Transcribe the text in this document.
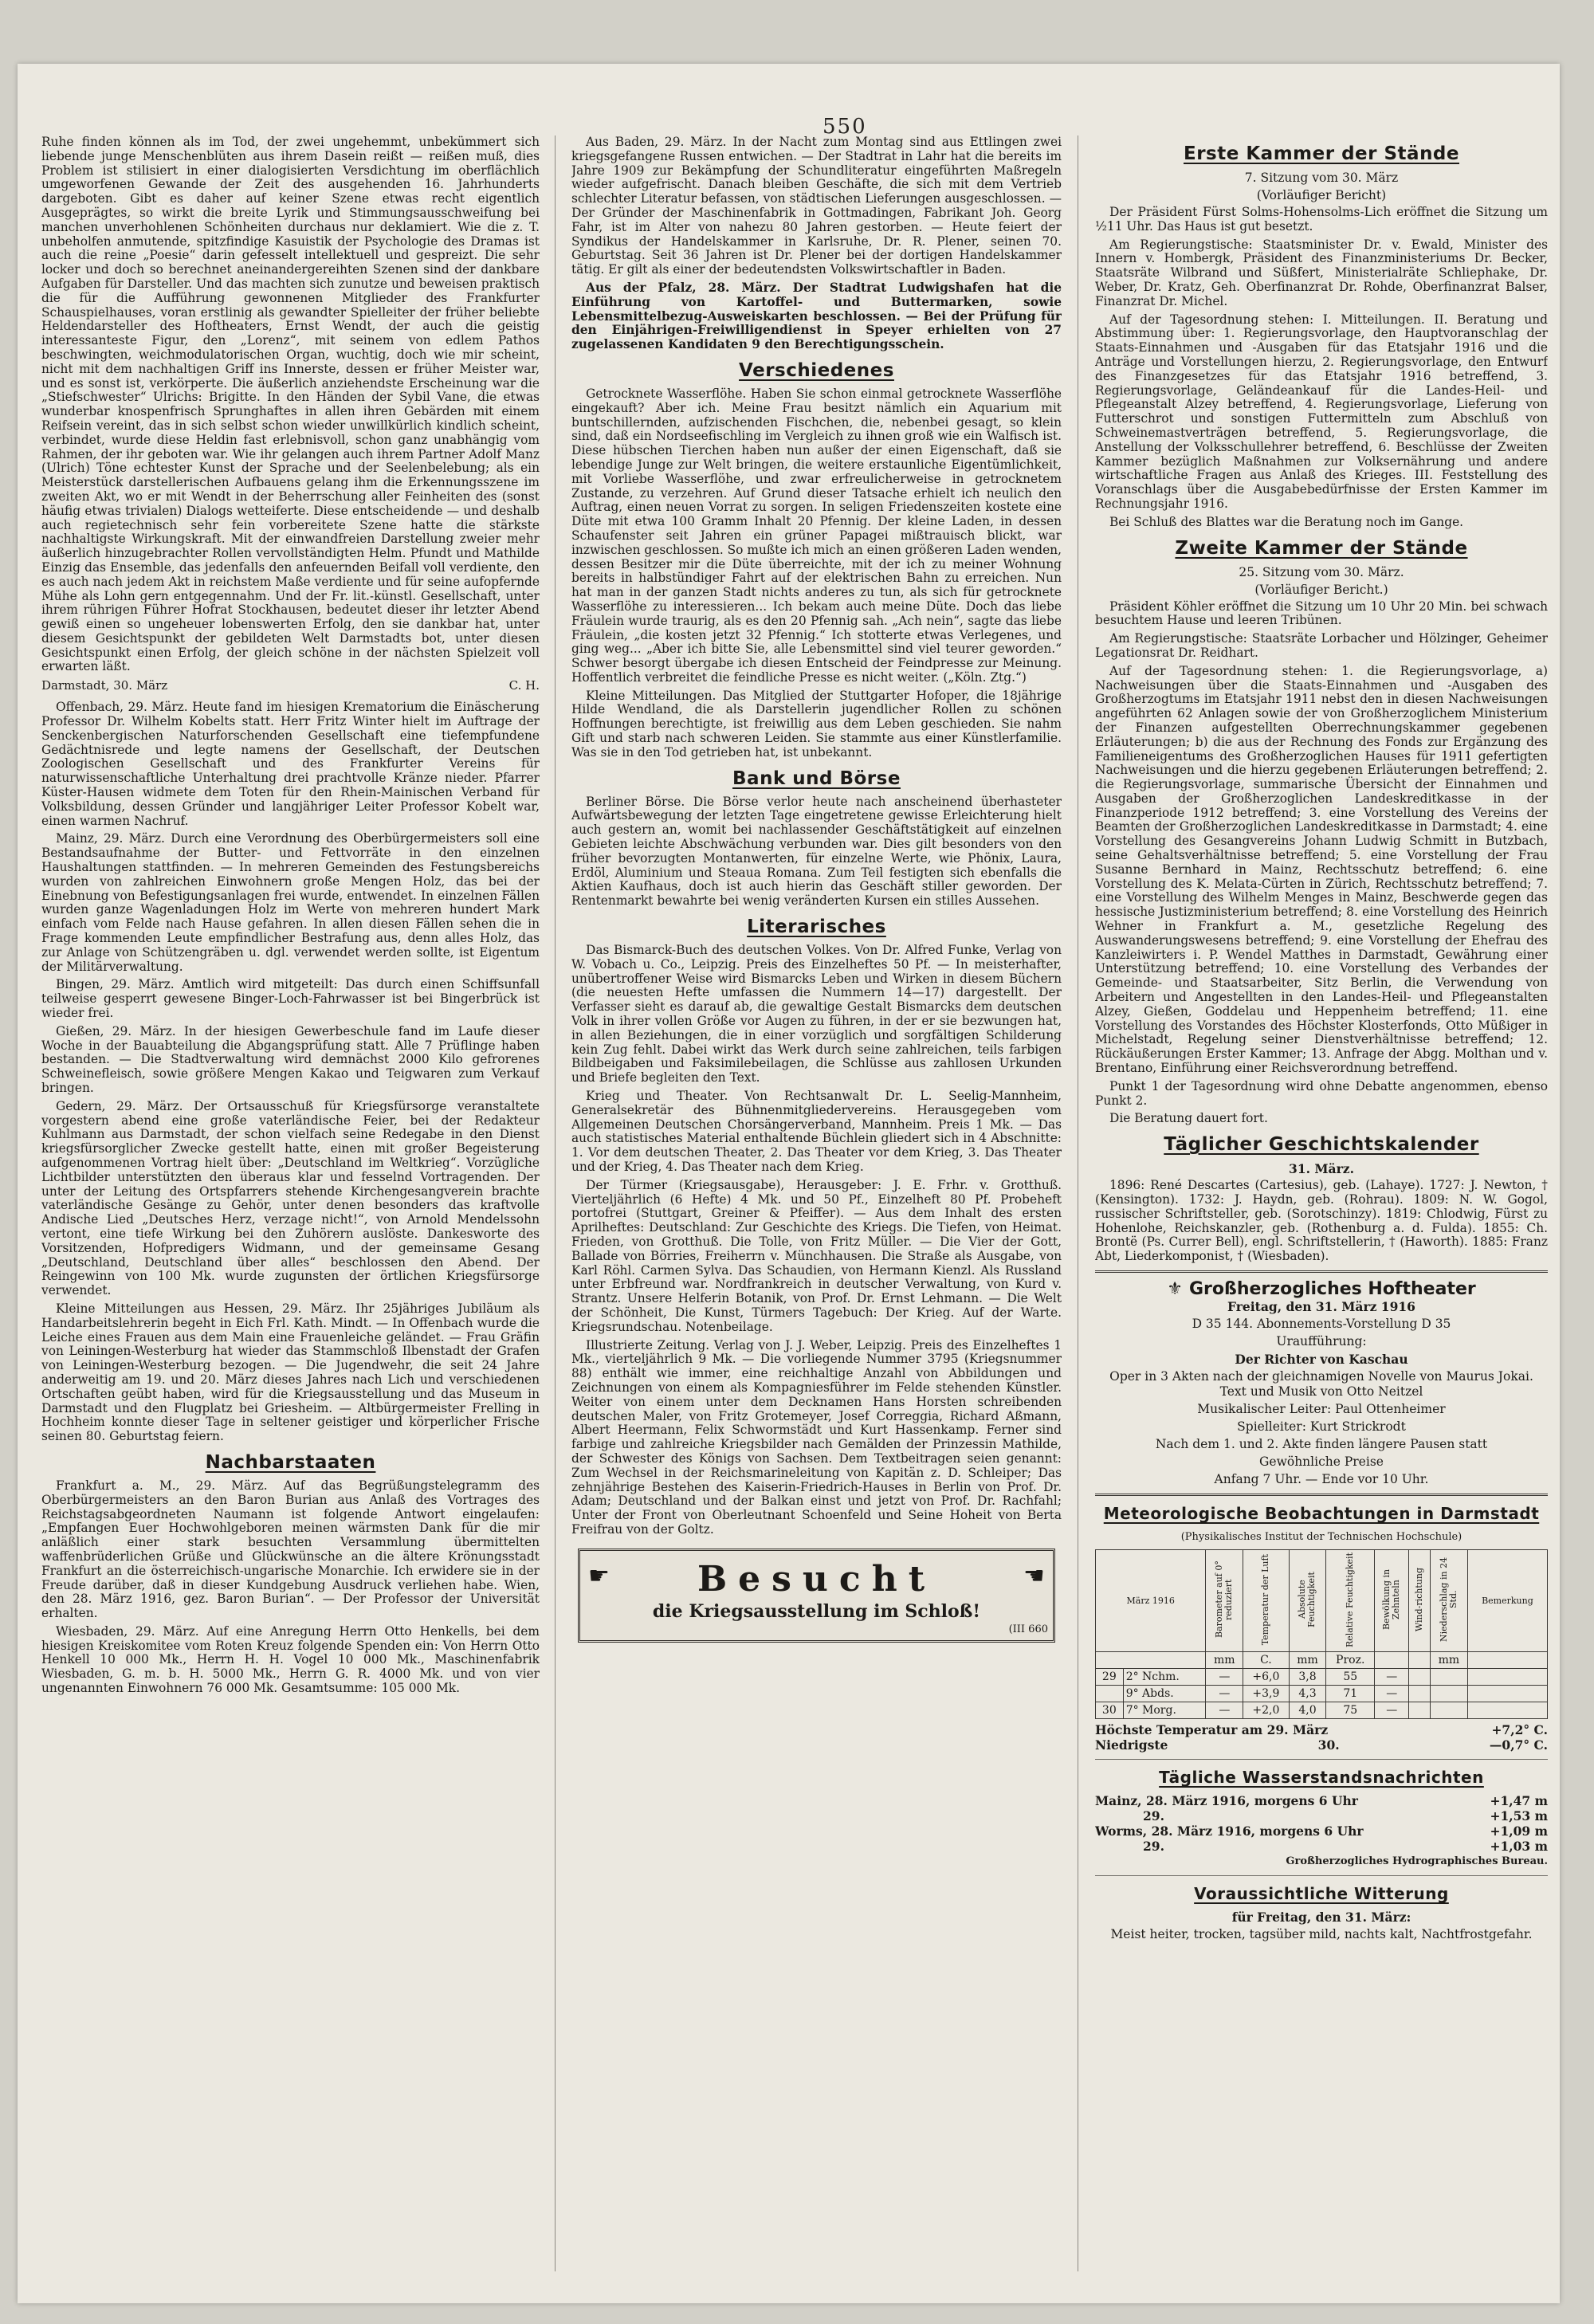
550

Ruhe finden können als im Tod, der zwei ungehemmt, unbekümmert sich liebende junge Menschenblüten aus ihrem Dasein reißt — reißen muß, dies Problem ist stilisiert in einer dialogisierten Versdichtung im oberflächlich umgeworfenen Gewande der Zeit des ausgehenden 16. Jahrhunderts dargeboten. Gibt es daher auf keiner Szene etwas recht eigentlich Ausgeprägtes, so wirkt die breite Lyrik und Stimmungsausschweifung bei manchen unverhohlenen Schönheiten durchaus nur deklamiert. Wie die z. T. unbeholfen anmutende, spitzfindige Kasuistik der Psychologie des Dramas ist auch die reine „Poesie“ darin gefesselt intellektuell und gespreizt. Die sehr locker und doch so berechnet aneinandergereihten Szenen sind der dankbare Aufgaben für Darsteller. Und das machten sich zunutze und beweisen praktisch die für die Aufführung gewonnenen Mitglieder des Frankfurter Schauspielhauses, voran erstlinig als gewandter Spielleiter der früher beliebte Heldendarsteller des Hoftheaters, Ernst Wendt, der auch die geistig interessanteste Figur, den „Lorenz“, mit seinem von edlem Pathos beschwingten, weichmodulatorischen Organ, wuchtig, doch wie mir scheint, nicht mit dem nachhaltigen Griff ins Innerste, dessen er früher Meister war, und es sonst ist, verkörperte. Die äußerlich anziehendste Erscheinung war die „Stiefschwester“ Ulrichs: Brigitte. In den Händen der Sybil Vane, die etwas wunderbar knospenfrisch Sprunghaftes in allen ihren Gebärden mit einem Reifsein vereint, das in sich selbst schon wieder unwillkürlich kindlich scheint, verbindet, wurde diese Heldin fast erlebnisvoll, schon ganz unabhängig vom Rahmen, der ihr geboten war. Wie ihr gelangen auch ihrem Partner Adolf Manz (Ulrich) Töne echtester Kunst der Sprache und der Seelenbelebung; als ein Meisterstück darstellerischen Aufbauens gelang ihm die Erkennungsszene im zweiten Akt, wo er mit Wendt in der Beherrschung aller Feinheiten des (sonst häufig etwas trivialen) Dialogs wetteiferte. Diese entscheidende — und deshalb auch regietechnisch sehr fein vorbereitete Szene hatte die stärkste nachhaltigste Wirkungskraft. Mit der einwandfreien Darstellung zweier mehr äußerlich hinzugebrachter Rollen vervollständigten Helm. Pfundt und Mathilde Einzig das Ensemble, das jedenfalls den anfeuernden Beifall voll verdiente, den es auch nach jedem Akt in reichstem Maße verdiente und für seine aufopfernde Mühe als Lohn gern entgegennahm. Und der Fr. lit.-künstl. Gesellschaft, unter ihrem rührigen Führer Hofrat Stockhausen, bedeutet dieser ihr letzter Abend gewiß einen so ungeheuer lobenswerten Erfolg, den sie dankbar hat, unter diesem Gesichtspunkt der gebildeten Welt Darmstadts bot, unter diesen Gesichtspunkt einen Erfolg, der gleich schöne in der nächsten Spielzeit voll erwarten läßt.

Darmstadt, 30. März	C. H.

Offenbach, 29. März. Heute fand im hiesigen Krematorium die Einäscherung Professor Dr. Wilhelm Kobelts statt. Herr Fritz Winter hielt im Auftrage der Senckenbergischen Naturforschenden Gesellschaft eine tiefempfundene Gedächtnisrede und legte namens der Gesellschaft, der Deutschen Zoologischen Gesellschaft und des Frankfurter Vereins für naturwissenschaftliche Unterhaltung drei prachtvolle Kränze nieder. Pfarrer Küster-Hausen widmete dem Toten für den Rhein-Mainischen Verband für Volksbildung, dessen Gründer und langjähriger Leiter Professor Kobelt war, einen warmen Nachruf.

Mainz, 29. März. Durch eine Verordnung des Oberbürgermeisters soll eine Bestandsaufnahme der Butter- und Fettvorräte in den einzelnen Haushaltungen stattfinden. — In mehreren Gemeinden des Festungsbereichs wurden von zahlreichen Einwohnern große Mengen Holz, das bei der Einebnung von Befestigungsanlagen frei wurde, entwendet. In einzelnen Fällen wurden ganze Wagenladungen Holz im Werte von mehreren hundert Mark einfach vom Felde nach Hause gefahren. In allen diesen Fällen sehen die in Frage kommenden Leute empfindlicher Bestrafung aus, denn alles Holz, das zur Anlage von Schützengräben u. dgl. verwendet werden sollte, ist Eigentum der Militärverwaltung.

Bingen, 29. März. Amtlich wird mitgeteilt: Das durch einen Schiffsunfall teilweise gesperrt gewesene Binger-Loch-Fahrwasser ist bei Bingerbrück ist wieder frei.

Gießen, 29. März. In der hiesigen Gewerbeschule fand im Laufe dieser Woche in der Bauabteilung die Abgangsprüfung statt. Alle 7 Prüflinge haben bestanden. — Die Stadtverwaltung wird demnächst 2000 Kilo gefrorenes Schweinefleisch, sowie größere Mengen Kakao und Teigwaren zum Verkauf bringen.

Gedern, 29. März. Der Ortsausschuß für Kriegsfürsorge veranstaltete vorgestern abend eine große vaterländische Feier, bei der Redakteur Kuhlmann aus Darmstadt, der schon vielfach seine Redegabe in den Dienst kriegsfürsorglicher Zwecke gestellt hatte, einen mit großer Begeisterung aufgenommenen Vortrag hielt über: „Deutschland im Weltkrieg“. Vorzügliche Lichtbilder unterstützten den überaus klar und fesselnd Vortragenden. Der unter der Leitung des Ortspfarrers stehende Kirchengesangverein brachte vaterländische Gesänge zu Gehör, unter denen besonders das kraftvolle Andische Lied „Deutsches Herz, verzage nicht!“, von Arnold Mendelssohn vertont, eine tiefe Wirkung bei den Zuhörern auslöste. Dankesworte des Vorsitzenden, Hofpredigers Widmann, und der gemeinsame Gesang „Deutschland, Deutschland über alles“ beschlossen den Abend. Der Reingewinn von 100 Mk. wurde zugunsten der örtlichen Kriegsfürsorge verwendet.

Kleine Mitteilungen aus Hessen, 29. März. Ihr 25jähriges Jubiläum als Handarbeitslehrerin begeht in Eich Frl. Kath. Mindt. — In Offenbach wurde die Leiche eines Frauen aus dem Main eine Frauenleiche geländet. — Frau Gräfin von Leiningen-Westerburg hat wieder das Stammschloß Ilbenstadt der Grafen von Leiningen-Westerburg bezogen. — Die Jugendwehr, die seit 24 Jahre anderweitig am 19. und 20. März dieses Jahres nach Lich und verschiedenen Ortschaften geübt haben, wird für die Kriegsausstellung und das Museum in Darmstadt und den Flugplatz bei Griesheim. — Altbürgermeister Frelling in Hochheim konnte dieser Tage in seltener geistiger und körperlicher Frische seinen 80. Geburtstag feiern.

Nachbarstaaten

Frankfurt a. M., 29. März. Auf das Begrüßungstelegramm des Oberbürgermeisters an den Baron Burian aus Anlaß des Vortrages des Reichstagsabgeordneten Naumann ist folgende Antwort eingelaufen: „Empfangen Euer Hochwohlgeboren meinen wärmsten Dank für die mir anläßlich einer stark besuchten Versammlung übermittelten waffenbrüderlichen Grüße und Glückwünsche an die ältere Krönungsstadt Frankfurt an die österreichisch-ungarische Monarchie. Ich erwidere sie in der Freude darüber, daß in dieser Kundgebung Ausdruck verliehen habe. Wien, den 28. März 1916, gez. Baron Burian“. — Der Professor der Universität erhalten.

Wiesbaden, 29. März. Auf eine Anregung Herrn Otto Henkells, bei dem hiesigen Kreiskomitee vom Roten Kreuz folgende Spenden ein: Von Herrn Otto Henkell 10 000 Mk., Herrn H. H. Vogel 10 000 Mk., Maschinenfabrik Wiesbaden, G. m. b. H. 5000 Mk., Herrn G. R. 4000 Mk. und von vier ungenannten Einwohnern 76 000 Mk. Gesamtsumme: 105 000 Mk.

Aus Baden, 29. März. In der Nacht zum Montag sind aus Ettlingen zwei kriegsgefangene Russen entwichen. — Der Stadtrat in Lahr hat die bereits im Jahre 1909 zur Bekämpfung der Schundliteratur eingeführten Maßregeln wieder aufgefrischt. Danach bleiben Geschäfte, die sich mit dem Vertrieb schlechter Literatur befassen, von städtischen Lieferungen ausgeschlossen. — Der Gründer der Maschinenfabrik in Gottmadingen, Fabrikant Joh. Georg Fahr, ist im Alter von nahezu 80 Jahren gestorben. — Heute feiert der Syndikus der Handelskammer in Karlsruhe, Dr. R. Plener, seinen 70. Geburtstag. Seit 36 Jahren ist Dr. Plener bei der dortigen Handelskammer tätig. Er gilt als einer der bedeutendsten Volkswirtschaftler in Baden.

Aus der Pfalz, 28. März. Der Stadtrat Ludwigshafen hat die Einführung von Kartoffel- und Buttermarken, sowie Lebensmittelbezug-Ausweiskarten beschlossen. — Bei der Prüfung für den Einjährigen-Freiwilligendienst in Speyer erhielten von 27 zugelassenen Kandidaten 9 den Berechtigungsschein.

Verschiedenes

Getrocknete Wasserflöhe. Haben Sie schon einmal getrocknete Wasserflöhe eingekauft? Aber ich. Meine Frau besitzt nämlich ein Aquarium mit buntschillernden, aufzischenden Fischchen, die, nebenbei gesagt, so klein sind, daß ein Nordseefischling im Vergleich zu ihnen groß wie ein Walfisch ist. Diese hübschen Tierchen haben nun außer der einen Eigenschaft, daß sie lebendige Junge zur Welt bringen, die weitere erstaunliche Eigentümlichkeit, mit Vorliebe Wasserflöhe, und zwar erfreulicherweise in getrocknetem Zustande, zu verzehren. Auf Grund dieser Tatsache erhielt ich neulich den Auftrag, einen neuen Vorrat zu sorgen. In seligen Friedenszeiten kostete eine Düte mit etwa 100 Gramm Inhalt 20 Pfennig. Der kleine Laden, in dessen Schaufenster seit Jahren ein grüner Papagei mißtrauisch blickt, war inzwischen geschlossen. So mußte ich mich an einen größeren Laden wenden, dessen Besitzer mir die Düte überreichte, mit der ich zu meiner Wohnung bereits in halbstündiger Fahrt auf der elektrischen Bahn zu erreichen. Nun hat man in der ganzen Stadt nichts anderes zu tun, als sich für getrocknete Wasserflöhe zu interessieren... Ich bekam auch meine Düte. Doch das liebe Fräulein wurde traurig, als es den 20 Pfennig sah. „Ach nein“, sagte das liebe Fräulein, „die kosten jetzt 32 Pfennig.“ Ich stotterte etwas Verlegenes, und ging weg... „Aber ich bitte Sie, alle Lebensmittel sind viel teurer geworden.“ Schwer besorgt übergabe ich diesen Entscheid der Feindpresse zur Meinung. Hoffentlich verbreitet die feindliche Presse es nicht weiter. („Köln. Ztg.“)

Kleine Mitteilungen. Das Mitglied der Stuttgarter Hofoper, die 18jährige Hilde Wendland, die als Darstellerin jugendlicher Rollen zu schönen Hoffnungen berechtigte, ist freiwillig aus dem Leben geschieden. Sie nahm Gift und starb nach schweren Leiden. Sie stammte aus einer Künstlerfamilie. Was sie in den Tod getrieben hat, ist unbekannt.

Bank und Börse

Berliner Börse. Die Börse verlor heute nach anscheinend überhasteter Aufwärtsbewegung der letzten Tage eingetretene gewisse Erleichterung hielt auch gestern an, womit bei nachlassender Geschäftstätigkeit auf einzelnen Gebieten leichte Abschwächung verbunden war. Dies gilt besonders von den früher bevorzugten Montanwerten, für einzelne Werte, wie Phönix, Laura, Erdöl, Aluminium und Steaua Romana. Zum Teil festigten sich ebenfalls die Aktien Kaufhaus, doch ist auch hierin das Geschäft stiller geworden. Der Rentenmarkt bewahrte bei wenig veränderten Kursen ein stilles Aussehen.

Literarisches

Das Bismarck-Buch des deutschen Volkes. Von Dr. Alfred Funke, Verlag von W. Vobach u. Co., Leipzig. Preis des Einzelheftes 50 Pf. — In meisterhafter, unübertroffener Weise wird Bismarcks Leben und Wirken in diesem Büchern (die neuesten Hefte umfassen die Nummern 14—17) dargestellt. Der Verfasser sieht es darauf ab, die gewaltige Gestalt Bismarcks dem deutschen Volk in ihrer vollen Größe vor Augen zu führen, in der er sie bezwungen hat, in allen Beziehungen, die in einer vorzüglich und sorgfältigen Schilderung kein Zug fehlt. Dabei wirkt das Werk durch seine zahlreichen, teils farbigen Bildbeigaben und Faksimilebeilagen, die Schlüsse aus zahllosen Urkunden und Briefe begleiten den Text.

Krieg und Theater. Von Rechtsanwalt Dr. L. Seelig-Mannheim, Generalsekretär des Bühnenmitgliedervereins. Herausgegeben vom Allgemeinen Deutschen Chorsängerverband, Mannheim. Preis 1 Mk. — Das auch statistisches Material enthaltende Büchlein gliedert sich in 4 Abschnitte: 1. Vor dem deutschen Theater, 2. Das Theater vor dem Krieg, 3. Das Theater und der Krieg, 4. Das Theater nach dem Krieg.

Der Türmer (Kriegsausgabe), Herausgeber: J. E. Frhr. v. Grotthuß. Vierteljährlich (6 Hefte) 4 Mk. und 50 Pf., Einzelheft 80 Pf. Probeheft portofrei (Stuttgart, Greiner & Pfeiffer). — Aus dem Inhalt des ersten Aprilheftes: Deutschland: Zur Geschichte des Kriegs. Die Tiefen, von Heimat. Frieden, von Grotthuß. Die Tolle, von Fritz Müller. — Die Vier der Gott, Ballade von Börries, Freiherrn v. Münchhausen. Die Straße als Ausgabe, von Karl Röhl. Carmen Sylva. Das Schaudien, von Hermann Kienzl. Als Russland unter Erbfreund war. Nordfrankreich in deutscher Verwaltung, von Kurd v. Strantz. Unsere Helferin Botanik, von Prof. Dr. Ernst Lehmann. — Die Welt der Schönheit, Die Kunst, Türmers Tagebuch: Der Krieg. Auf der Warte. Kriegsrundschau. Notenbeilage.

Illustrierte Zeitung. Verlag von J. J. Weber, Leipzig. Preis des Einzelheftes 1 Mk., vierteljährlich 9 Mk. — Die vorliegende Nummer 3795 (Kriegsnummer 88) enthält wie immer, eine reichhaltige Anzahl von Abbildungen und Zeichnungen von einem als Kompagniesführer im Felde stehenden Künstler. Weiter von einem unter dem Decknamen Hans Horsten schreibenden deutschen Maler, von Fritz Grotemeyer, Josef Correggia, Richard Aßmann, Albert Heermann, Felix Schwormstädt und Kurt Hassenkamp. Ferner sind farbige und zahlreiche Kriegsbilder nach Gemälden der Prinzessin Mathilde, der Schwester des Königs von Sachsen. Dem Textbeitragen seien genannt: Zum Wechsel in der Reichsmarineleitung von Kapitän z. D. Schleiper; Das zehnjährige Bestehen des Kaiserin-Friedrich-Hauses in Berlin von Prof. Dr. Adam; Deutschland und der Balkan einst und jetzt von Prof. Dr. Rachfahl; Unter der Front von Oberleutnant Schoenfeld und Seine Hoheit von Berta Freifrau von der Goltz.

☛	☛
Besucht
die Kriegsausstellung im Schloß!
(III 660
Erste Kammer der Stände
7. Sitzung vom 30. März
(Vorläufiger Bericht)

Der Präsident Fürst Solms-Hohensolms-Lich eröffnet die Sitzung um ½11 Uhr. Das Haus ist gut besetzt.

Am Regierungstische: Staatsminister Dr. v. Ewald, Minister des Innern v. Hombergk, Präsident des Finanzministeriums Dr. Becker, Staatsräte Wilbrand und Süßfert, Ministerialräte Schliephake, Dr. Weber, Dr. Kratz, Geh. Oberfinanzrat Dr. Rohde, Oberfinanzrat Balser, Finanzrat Dr. Michel.

Auf der Tagesordnung stehen: I. Mitteilungen. II. Beratung und Abstimmung über: 1. Regierungsvorlage, den Hauptvoranschlag der Staats-Einnahmen und -Ausgaben für das Etatsjahr 1916 und die Anträge und Vorstellungen hierzu, 2. Regierungsvorlage, den Entwurf des Finanzgesetzes für das Etatsjahr 1916 betreffend, 3. Regierungsvorlage, Geländeankauf für die Landes-Heil- und Pflegeanstalt Alzey betreffend, 4. Regierungsvorlage, Lieferung von Futterschrot und sonstigen Futtermitteln zum Abschluß von Schweinemastverträgen betreffend, 5. Regierungsvorlage, die Anstellung der Volksschullehrer betreffend, 6. Beschlüsse der Zweiten Kammer bezüglich Maßnahmen zur Volksernährung und andere wirtschaftliche Fragen aus Anlaß des Krieges. III. Feststellung des Voranschlags über die Ausgabebedürfnisse der Ersten Kammer im Rechnungsjahr 1916.

Bei Schluß des Blattes war die Beratung noch im Gange.

Zweite Kammer der Stände
25. Sitzung vom 30. März.
(Vorläufiger Bericht.)

Präsident Köhler eröffnet die Sitzung um 10 Uhr 20 Min. bei schwach besuchtem Hause und leeren Tribünen.

Am Regierungstische: Staatsräte Lorbacher und Hölzinger, Geheimer Legationsrat Dr. Reidhart.

Auf der Tagesordnung stehen: 1. die Regierungsvorlage, a) Nachweisungen über die Staats-Einnahmen und -Ausgaben des Großherzogtums im Etatsjahr 1911 nebst den in diesen Nachweisungen angeführten 62 Anlagen sowie der von Großherzoglichem Ministerium der Finanzen aufgestellten Oberrechnungskammer gegebenen Erläuterungen; b) die aus der Rechnung des Fonds zur Ergänzung des Familieneigentums des Großherzoglichen Hauses für 1911 gefertigten Nachweisungen und die hierzu gegebenen Erläuterungen betreffend; 2. die Regierungsvorlage, summarische Übersicht der Einnahmen und Ausgaben der Großherzoglichen Landeskreditkasse in der Finanzperiode 1912 betreffend; 3. eine Vorstellung des Vereins der Beamten der Großherzoglichen Landeskreditkasse in Darmstadt; 4. eine Vorstellung des Gesangvereins Johann Ludwig Schmitt in Butzbach, seine Gehaltsverhältnisse betreffend; 5. eine Vorstellung der Frau Susanne Bernhard in Mainz, Rechtsschutz betreffend; 6. eine Vorstellung des K. Melata-Cürten in Zürich, Rechtsschutz betreffend; 7. eine Vorstellung des Wilhelm Menges in Mainz, Beschwerde gegen das hessische Justizministerium betreffend; 8. eine Vorstellung des Heinrich Wehner in Frankfurt a. M., gesetzliche Regelung des Auswanderungswesens betreffend; 9. eine Vorstellung der Ehefrau des Kanzleiwirters i. P. Wendel Matthes in Darmstadt, Gewährung einer Unterstützung betreffend; 10. eine Vorstellung des Verbandes der Gemeinde- und Staatsarbeiter, Sitz Berlin, die Verwendung von Arbeitern und Angestellten in den Landes-Heil- und Pflegeanstalten Alzey, Gießen, Goddelau und Heppenheim betreffend; 11. eine Vorstellung des Vorstandes des Höchster Klosterfonds, Otto Müßiger in Michelstadt, Regelung seiner Dienstverhältnisse betreffend; 12. Rückäußerungen Erster Kammer; 13. Anfrage der Abgg. Molthan und v. Brentano, Einführung einer Reichsverordnung betreffend.

Punkt 1 der Tagesordnung wird ohne Debatte angenommen, ebenso Punkt 2.

Die Beratung dauert fort.

Täglicher Geschichtskalender
31. März.

1896: René Descartes (Cartesius), geb. (Lahaye). 1727: J. Newton, † (Kensington). 1732: J. Haydn, geb. (Rohrau). 1809: N. W. Gogol, russischer Schriftsteller, geb. (Sorotschinzy). 1819: Chlodwig, Fürst zu Hohenlohe, Reichskanzler, geb. (Rothenburg a. d. Fulda). 1855: Ch. Brontë (Ps. Currer Bell), engl. Schriftstellerin, † (Haworth). 1885: Franz Abt, Liederkomponist, † (Wiesbaden).

⚜ Großherzogliches Hoftheater
Freitag, den 31. März 1916
D 35 144. Abonnements-Vorstellung D 35
Uraufführung:
Der Richter von Kaschau
Oper in 3 Akten nach der gleichnamigen Novelle von Maurus Jokai. Text und Musik von Otto Neitzel
Musikalischer Leiter: Paul Ottenheimer
Spielleiter: Kurt Strickrodt
Nach dem 1. und 2. Akte finden längere Pausen statt
Gewöhnliche Preise
Anfang 7 Uhr. — Ende vor 10 Uhr.
Meteorologische Beobachtungen in Darmstadt
(Physikalisches Institut der Technischen Hochschule)
März 1916		Barometer auf 0° reduziert	Temperatur der Luft	Absolute Feuchtigkeit	Relative Feuchtigkeit	Bewölkung in Zehnteln	Wind-richtung	Niederschlag in 24 Std.	Bemerkung
		mm	C.	mm	Proz.			mm	
29	2° Nchm.	—	+6,0	3,8	55	—			
	9° Abds.	—	+3,9	4,3	71	—			
30	7° Morg.	—	+2,0	4,0	75	—			
Höchste Temperatur am 29. März	+7,2° C.
Niedrigste	30.	—0,7° C.
Tägliche Wasserstandsnachrichten
Mainz, 28. März 1916, morgens 6 Uhr	+1,47 m
29.	+1,53 m
Worms, 28. März 1916, morgens 6 Uhr	+1,09 m
29.	+1,03 m
Großherzogliches Hydrographisches Bureau.
Voraussichtliche Witterung
für Freitag, den 31. März:
Meist heiter, trocken, tagsüber mild, nachts kalt, Nachtfrostgefahr.
